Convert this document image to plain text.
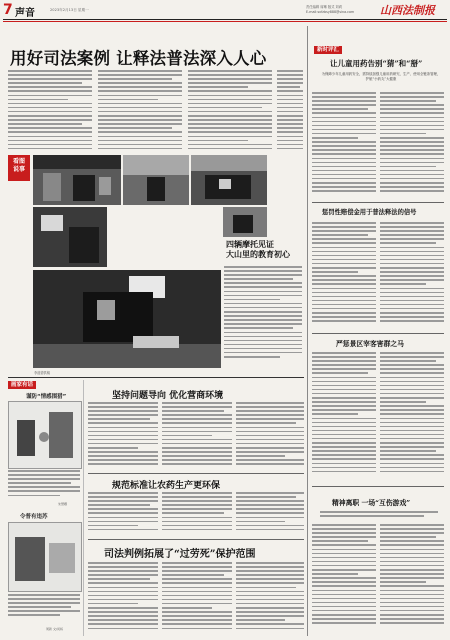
7 声音	2023年2月13日 星期一
责任编辑 席琳 版式 刘莉
E-mail:sxfzbsy888@sina.com 山西法制报
用好司法案例 让释法普法深入人心
看图
说事
四辆摩托见证
大山里的教育初心
李道德供稿
画家有话
谨防“情感围猎”
朱慧卿
令普有违苏
周新 文/何杨
坚持问题导向 优化营商环境
规范标准让农药生产更环保
司法判例拓展了“过劳死”保护范围
新时评汇
让儿童用药告别“猜”和“掰”
为保障少年儿童用药安全，需持续加强儿童用药研究、生产、使用全链条管理，护航“小药丸”大健康
惩罚性赔偿金用于普法释法的信号
严惩景区宰客害群之马
精神离职 一场“互伤游戏”
